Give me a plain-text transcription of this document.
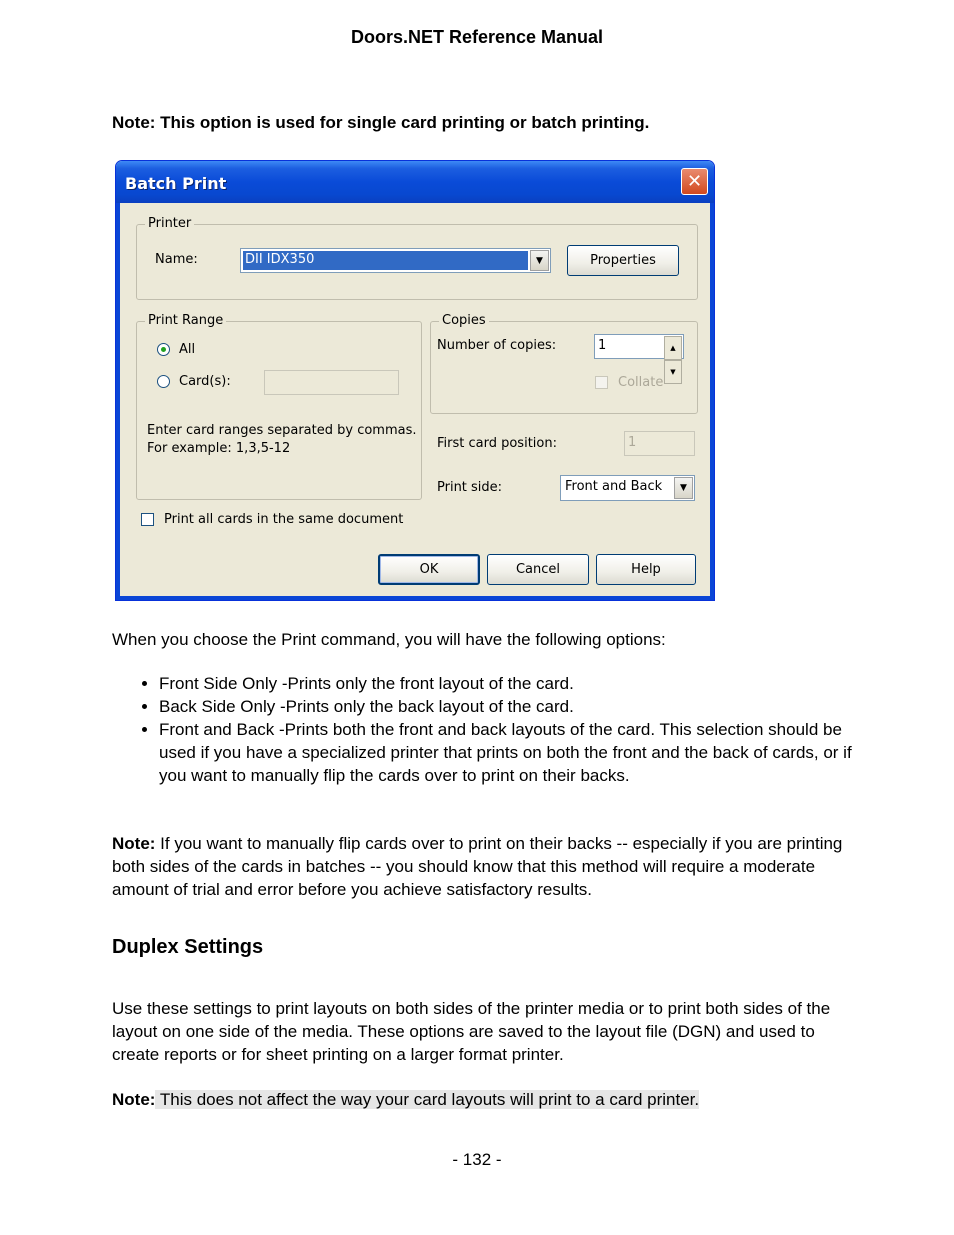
Doors.NET Reference Manual
Note: This option is used for single card printing or batch printing.
Batch Print	✕
Printer
Name:	DII IDX350	▼	Properties
Print Range
All
Card(s):
Enter card ranges separated by commas.
For example: 1,3,5-12
Copies
Number of copies:	1	▲
▼
Collate
First card position:	1
Print side:	Front and Back	▼
Print all cards in the same document
OK	Cancel	Help
When you choose the Print command, you will have the following options:
• Front Side Only -Prints only the front layout of the card.
• Back Side Only -Prints only the back layout of the card.
• Front and Back -Prints both the front and back layouts of the card. This selection should be used if you have a specialized printer that prints on both the front and the back of cards, or if you want to manually flip the cards over to print on their backs.
Note: If you want to manually flip cards over to print on their backs -- especially if you are printing both sides of the cards in batches -- you should know that this method will require a moderate amount of trial and error before you achieve satisfactory results.
Duplex Settings
Use these settings to print layouts on both sides of the printer media or to print both sides of the layout on one side of the media. These options are saved to the layout file (DGN) and used to create reports or for sheet printing on a larger format printer.
Note: This does not affect the way your card layouts will print to a card printer.
- 132 -
